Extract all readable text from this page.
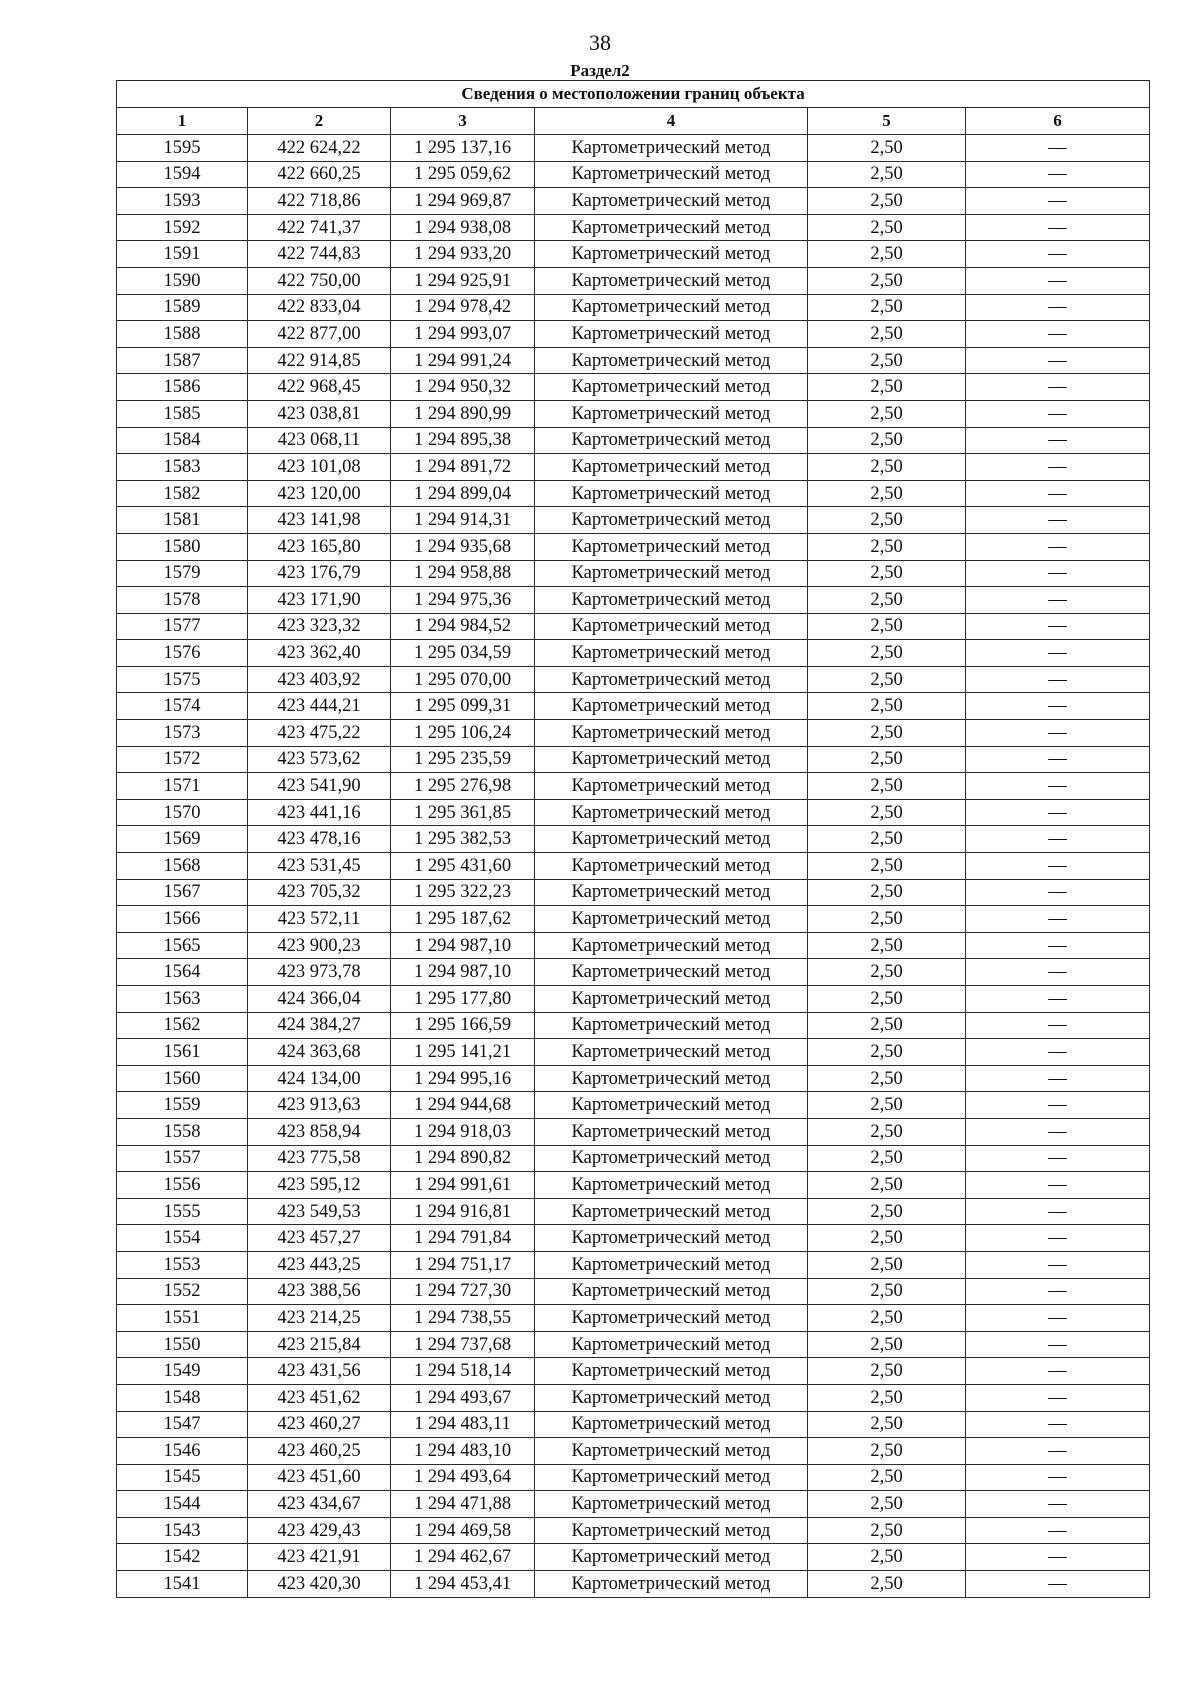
38
Раздел2
Сведения о местоположении границ объекта					
1	2	3	4	5	6
1595	422 624,22	1 295 137,16	Картометрический метод	2,50	—
1594	422 660,25	1 295 059,62	Картометрический метод	2,50	—
1593	422 718,86	1 294 969,87	Картометрический метод	2,50	—
1592	422 741,37	1 294 938,08	Картометрический метод	2,50	—
1591	422 744,83	1 294 933,20	Картометрический метод	2,50	—
1590	422 750,00	1 294 925,91	Картометрический метод	2,50	—
1589	422 833,04	1 294 978,42	Картометрический метод	2,50	—
1588	422 877,00	1 294 993,07	Картометрический метод	2,50	—
1587	422 914,85	1 294 991,24	Картометрический метод	2,50	—
1586	422 968,45	1 294 950,32	Картометрический метод	2,50	—
1585	423 038,81	1 294 890,99	Картометрический метод	2,50	—
1584	423 068,11	1 294 895,38	Картометрический метод	2,50	—
1583	423 101,08	1 294 891,72	Картометрический метод	2,50	—
1582	423 120,00	1 294 899,04	Картометрический метод	2,50	—
1581	423 141,98	1 294 914,31	Картометрический метод	2,50	—
1580	423 165,80	1 294 935,68	Картометрический метод	2,50	—
1579	423 176,79	1 294 958,88	Картометрический метод	2,50	—
1578	423 171,90	1 294 975,36	Картометрический метод	2,50	—
1577	423 323,32	1 294 984,52	Картометрический метод	2,50	—
1576	423 362,40	1 295 034,59	Картометрический метод	2,50	—
1575	423 403,92	1 295 070,00	Картометрический метод	2,50	—
1574	423 444,21	1 295 099,31	Картометрический метод	2,50	—
1573	423 475,22	1 295 106,24	Картометрический метод	2,50	—
1572	423 573,62	1 295 235,59	Картометрический метод	2,50	—
1571	423 541,90	1 295 276,98	Картометрический метод	2,50	—
1570	423 441,16	1 295 361,85	Картометрический метод	2,50	—
1569	423 478,16	1 295 382,53	Картометрический метод	2,50	—
1568	423 531,45	1 295 431,60	Картометрический метод	2,50	—
1567	423 705,32	1 295 322,23	Картометрический метод	2,50	—
1566	423 572,11	1 295 187,62	Картометрический метод	2,50	—
1565	423 900,23	1 294 987,10	Картометрический метод	2,50	—
1564	423 973,78	1 294 987,10	Картометрический метод	2,50	—
1563	424 366,04	1 295 177,80	Картометрический метод	2,50	—
1562	424 384,27	1 295 166,59	Картометрический метод	2,50	—
1561	424 363,68	1 295 141,21	Картометрический метод	2,50	—
1560	424 134,00	1 294 995,16	Картометрический метод	2,50	—
1559	423 913,63	1 294 944,68	Картометрический метод	2,50	—
1558	423 858,94	1 294 918,03	Картометрический метод	2,50	—
1557	423 775,58	1 294 890,82	Картометрический метод	2,50	—
1556	423 595,12	1 294 991,61	Картометрический метод	2,50	—
1555	423 549,53	1 294 916,81	Картометрический метод	2,50	—
1554	423 457,27	1 294 791,84	Картометрический метод	2,50	—
1553	423 443,25	1 294 751,17	Картометрический метод	2,50	—
1552	423 388,56	1 294 727,30	Картометрический метод	2,50	—
1551	423 214,25	1 294 738,55	Картометрический метод	2,50	—
1550	423 215,84	1 294 737,68	Картометрический метод	2,50	—
1549	423 431,56	1 294 518,14	Картометрический метод	2,50	—
1548	423 451,62	1 294 493,67	Картометрический метод	2,50	—
1547	423 460,27	1 294 483,11	Картометрический метод	2,50	—
1546	423 460,25	1 294 483,10	Картометрический метод	2,50	—
1545	423 451,60	1 294 493,64	Картометрический метод	2,50	—
1544	423 434,67	1 294 471,88	Картометрический метод	2,50	—
1543	423 429,43	1 294 469,58	Картометрический метод	2,50	—
1542	423 421,91	1 294 462,67	Картометрический метод	2,50	—
1541	423 420,30	1 294 453,41	Картометрический метод	2,50	—
